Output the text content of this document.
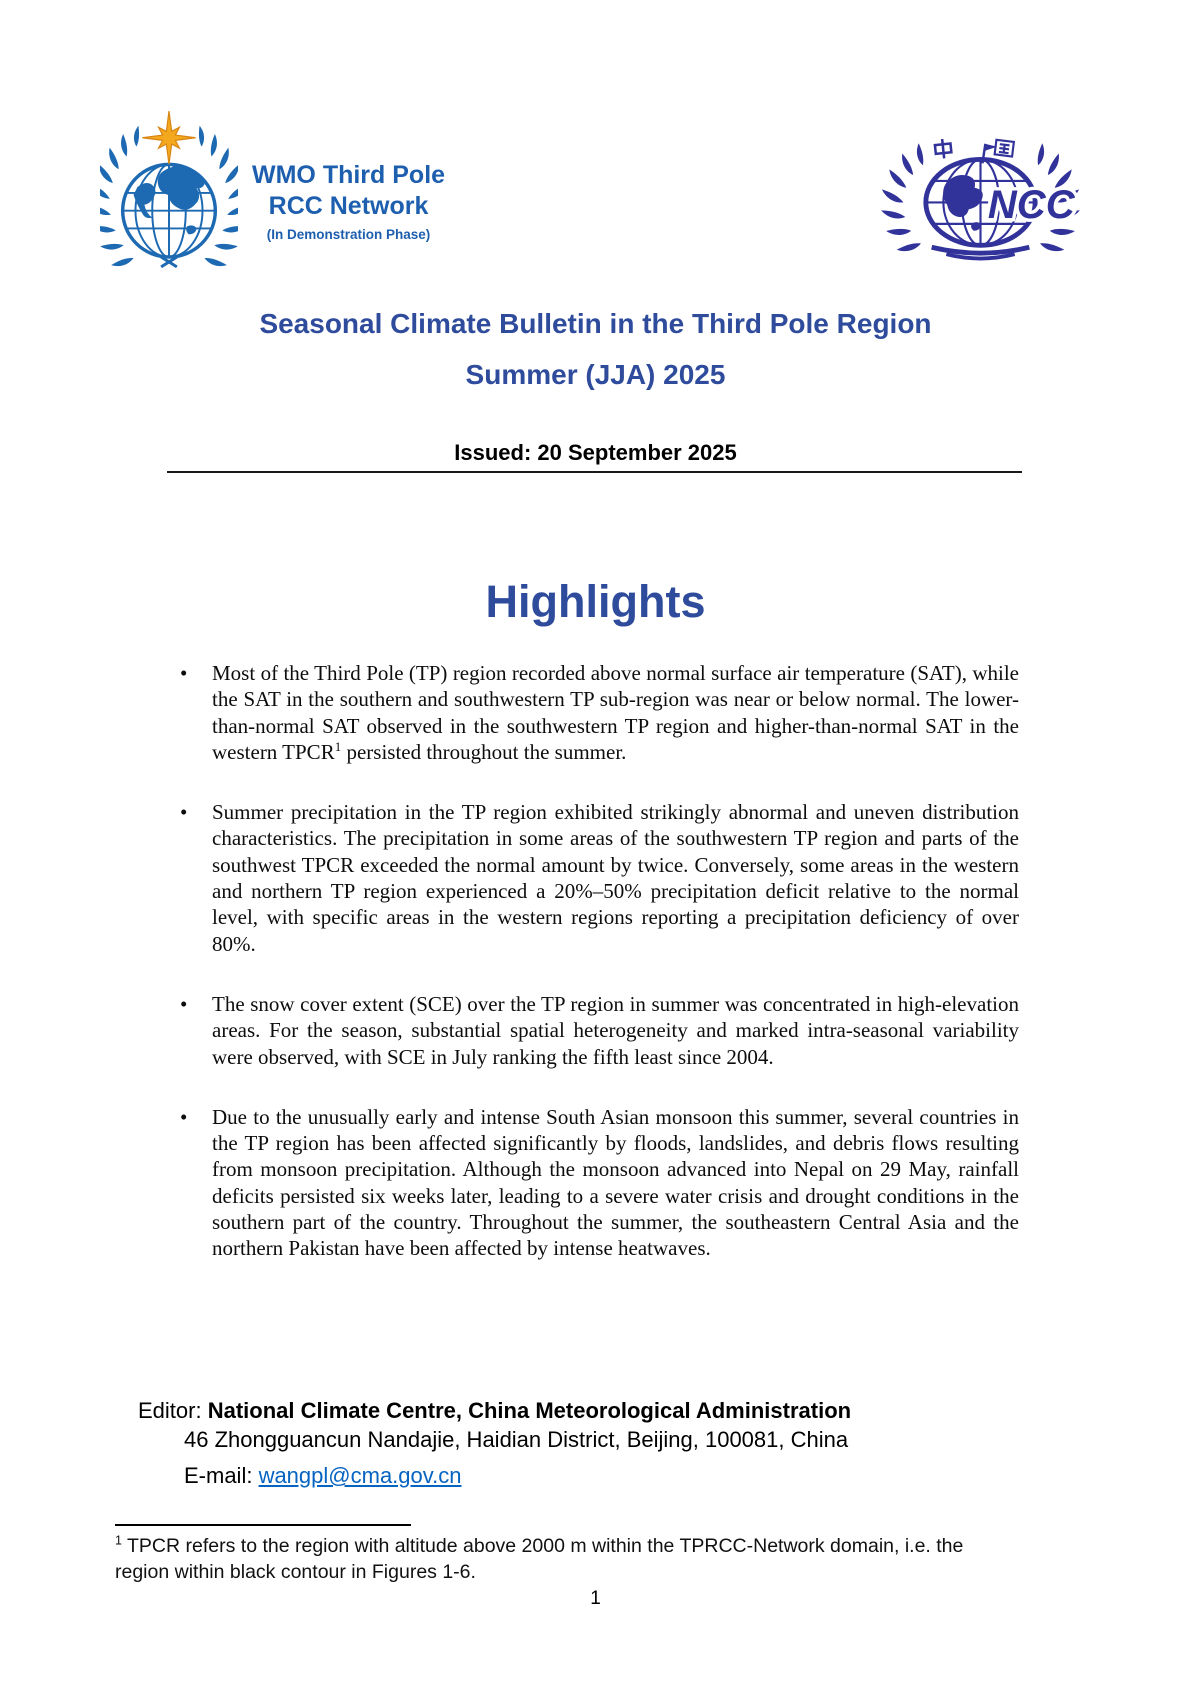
WMO Third Pole
RCC Network
(In Demonstration Phase)
NCC
Seasonal Climate Bulletin in the Third Pole Region
Summer (JJA) 2025
Issued: 20 September 2025
Highlights
• Most of the Third Pole (TP) region recorded above normal surface air temperature (SAT), while the SAT in the southern and southwestern TP sub-region was near or below normal. The lower-than-normal SAT observed in the southwestern TP region and higher-than-normal SAT in the western TPCR$^1$ persisted throughout the summer.
• Summer precipitation in the TP region exhibited strikingly abnormal and uneven distribution characteristics. The precipitation in some areas of the southwestern TP region and parts of the southwest TPCR exceeded the normal amount by twice. Conversely, some areas in the western and northern TP region experienced a 20%–50% precipitation deficit relative to the normal level, with specific areas in the western regions reporting a precipitation deficiency of over 80%.
• The snow cover extent (SCE) over the TP region in summer was concentrated in high-elevation areas. For the season, substantial spatial heterogeneity and marked intra-seasonal variability were observed, with SCE in July ranking the fifth least since 2004.
• Due to the unusually early and intense South Asian monsoon this summer, several countries in the TP region has been affected significantly by floods, landslides, and debris flows resulting from monsoon precipitation. Although the monsoon advanced into Nepal on 29 May, rainfall deficits persisted six weeks later, leading to a severe water crisis and drought conditions in the southern part of the country. Throughout the summer, the southeastern Central Asia and the northern Pakistan have been affected by intense heatwaves.
Editor: National Climate Centre, China Meteorological Administration
46 Zhongguancun Nandajie, Haidian District, Beijing, 100081, China
E-mail: wangpl@cma.gov.cn
$^1$ TPCR refers to the region with altitude above 2000 m within the TPRCC-Network domain, i.e. the region within black contour in Figures 1-6.
1
